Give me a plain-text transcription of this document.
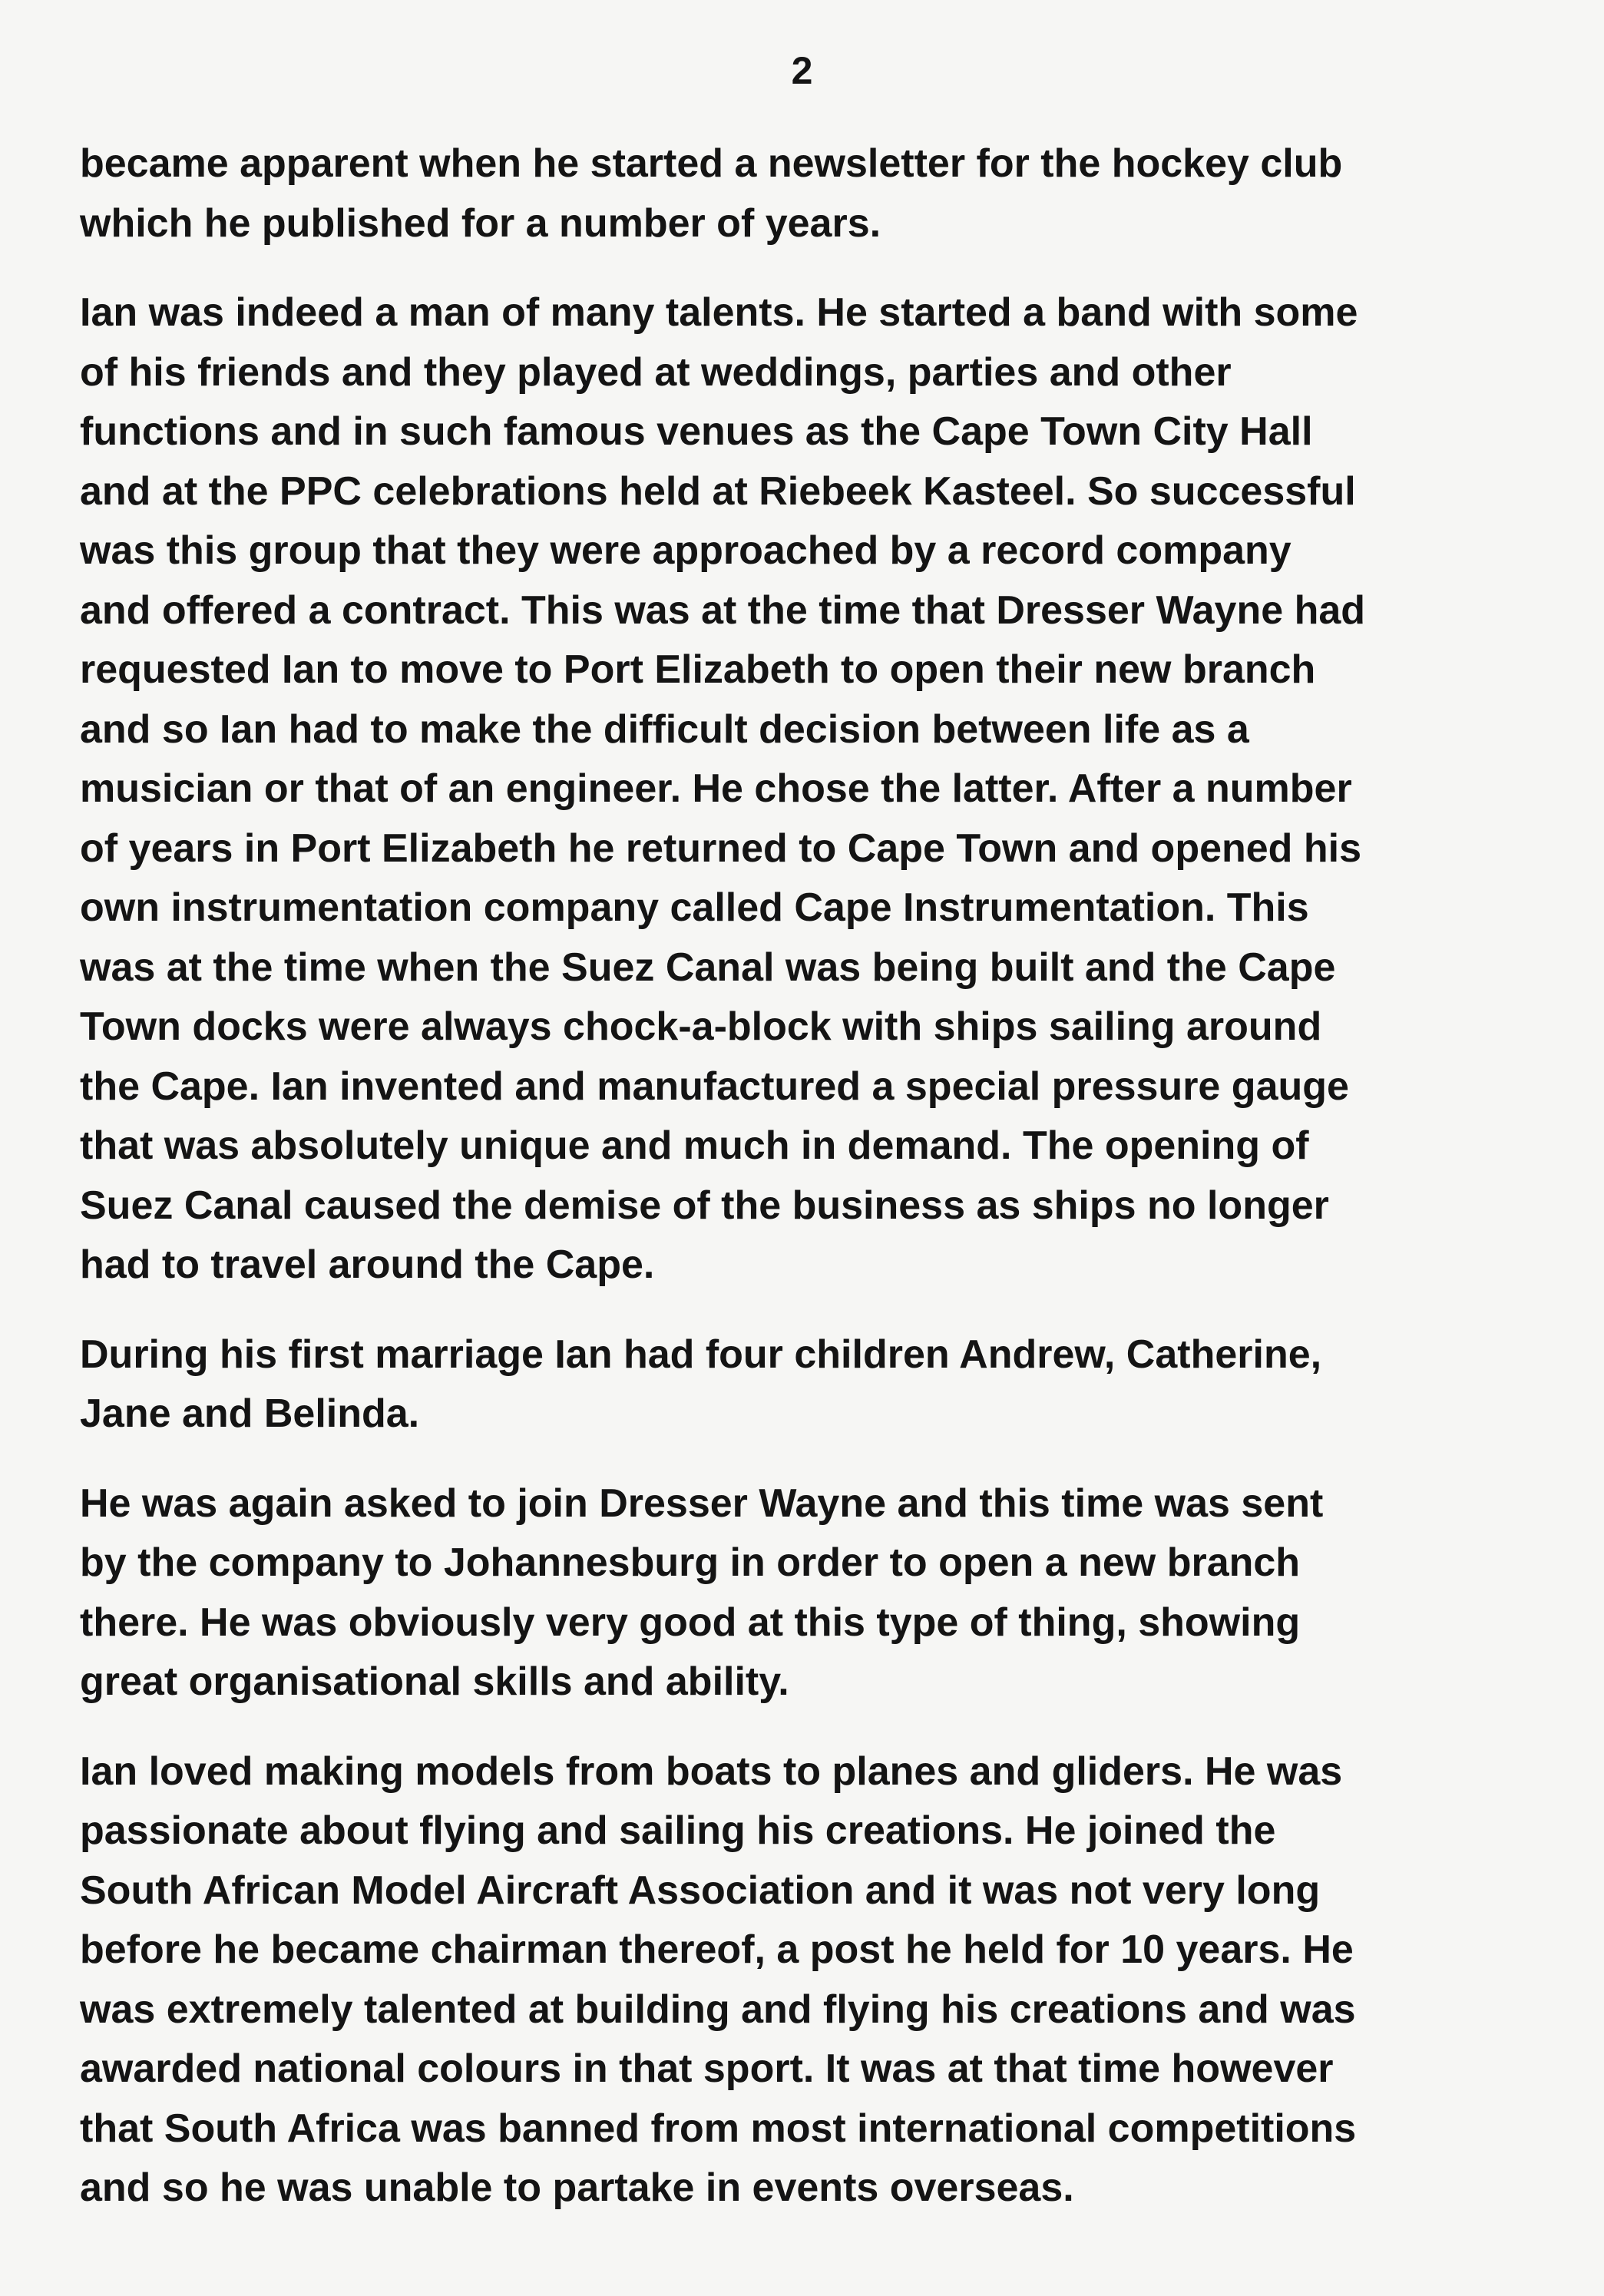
2
became apparent when he started a newsletter for the hockey club
which he published for a number of years.
Ian was indeed a man of many talents. He started a band with some
of his friends and they played at weddings, parties and other
functions and in such famous venues as the Cape Town City Hall
and at the PPC celebrations held at Riebeek Kasteel. So successful
was this group that they were approached by a record company
and offered a contract. This was at the time that Dresser Wayne had
requested Ian to move to Port Elizabeth to open their new branch
and so Ian had to make the difficult decision between life as a
musician or that of an engineer. He chose the latter. After a number
of years in Port Elizabeth he returned to Cape Town and opened his
own instrumentation company called Cape Instrumentation. This
was at the time when the Suez Canal was being built and the Cape
Town docks were always chock-a-block with ships sailing around
the Cape. Ian invented and manufactured a special pressure gauge
that was absolutely unique and much in demand. The opening of
Suez Canal caused the demise of the business as ships no longer
had to travel around the Cape.
During his first marriage Ian had four children Andrew, Catherine,
Jane and Belinda.
He was again asked to join Dresser Wayne and this time was sent
by the company to Johannesburg in order to open a new branch
there. He was obviously very good at this type of thing, showing
great organisational skills and ability.
Ian loved making models from boats to planes and gliders. He was
passionate about flying and sailing his creations. He joined the
South African Model Aircraft Association and it was not very long
before he became chairman thereof, a post he held for 10 years. He
was extremely talented at building and flying his creations and was
awarded national colours in that sport. It was at that time however
that South Africa was banned from most international competitions
and so he was unable to partake in events overseas.
